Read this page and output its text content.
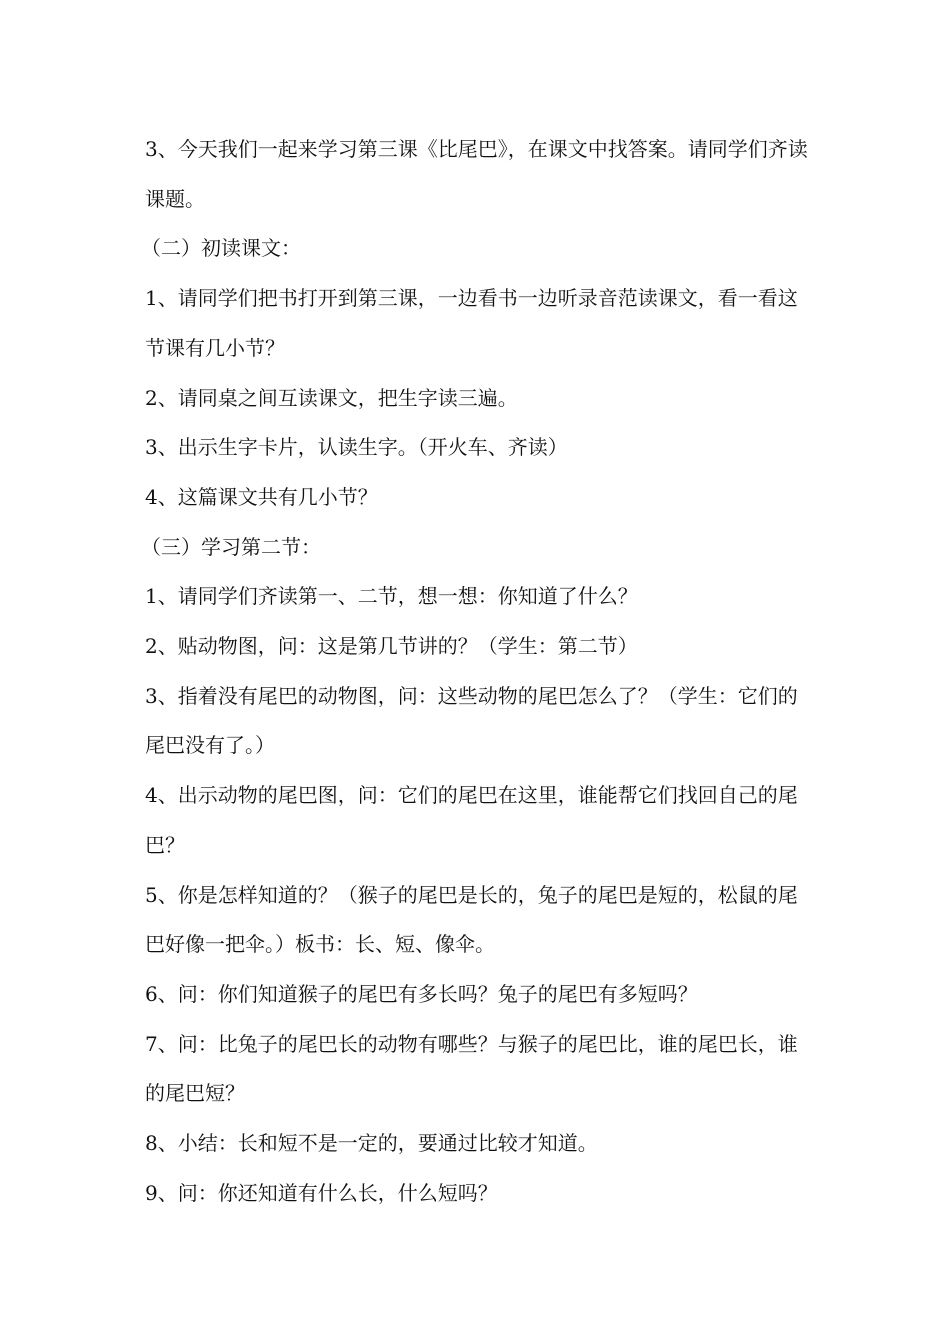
3、今天我们一起来学习第三课《比尾巴》，在课文中找答案。请同学们齐读课题。

（二）初读课文：

1、请同学们把书打开到第三课，一边看书一边听录音范读课文，看一看这节课有几小节？

2、请同桌之间互读课文，把生字读三遍。

3、出示生字卡片，认读生字。（开火车、齐读）

4、这篇课文共有几小节？

（三）学习第二节：

1、请同学们齐读第一、二节，想一想：你知道了什么？

2、贴动物图，问：这是第几节讲的？（学生：第二节）

3、指着没有尾巴的动物图，问：这些动物的尾巴怎么了？（学生：它们的尾巴没有了。）

4、出示动物的尾巴图，问：它们的尾巴在这里，谁能帮它们找回自己的尾巴？

5、你是怎样知道的？（猴子的尾巴是长的，兔子的尾巴是短的，松鼠的尾巴好像一把伞。）板书：长、短、像伞。

6、问：你们知道猴子的尾巴有多长吗？兔子的尾巴有多短吗？

7、问：比兔子的尾巴长的动物有哪些？与猴子的尾巴比，谁的尾巴长，谁的尾巴短？

8、小结：长和短不是一定的，要通过比较才知道。

9、问：你还知道有什么长，什么短吗？
